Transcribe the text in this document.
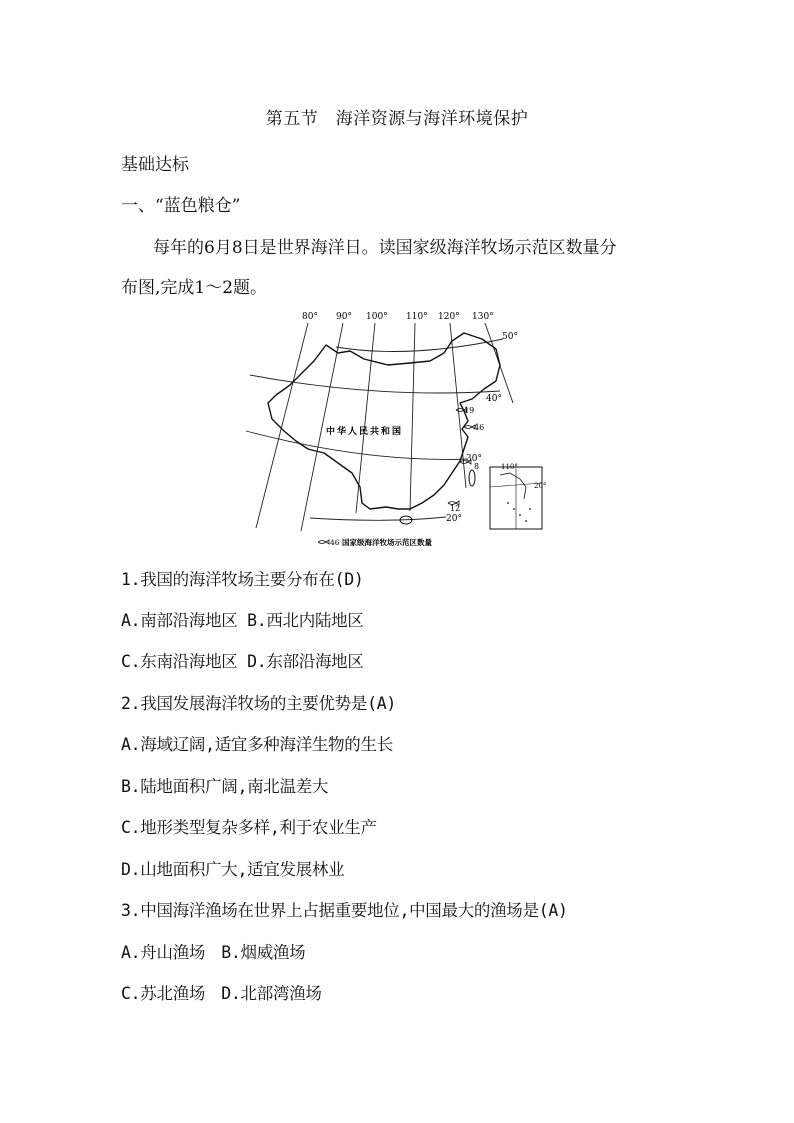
第五节　海洋资源与海洋环境保护
基础达标
一、“蓝色粮仓”
每年的6月8日是世界海洋日。读国家级海洋牧场示范区数量分
布图,完成1～2题。
80° 90° 100° 110° 120° 130°
50°
40°
30°
20°
中华人民共和国
19
46
8
12
110°
20°
46 国家级海洋牧场示范区数量
1.我国的海洋牧场主要分布在(D)
A.南部沿海地区 B.西北内陆地区
C.东南沿海地区 D.东部沿海地区
2.我国发展海洋牧场的主要优势是(A)
A.海域辽阔,适宜多种海洋生物的生长
B.陆地面积广阔,南北温差大
C.地形类型复杂多样,利于农业生产
D.山地面积广大,适宜发展林业
3.中国海洋渔场在世界上占据重要地位,中国最大的渔场是(A)
A.舟山渔场　B.烟威渔场
C.苏北渔场　D.北部湾渔场
